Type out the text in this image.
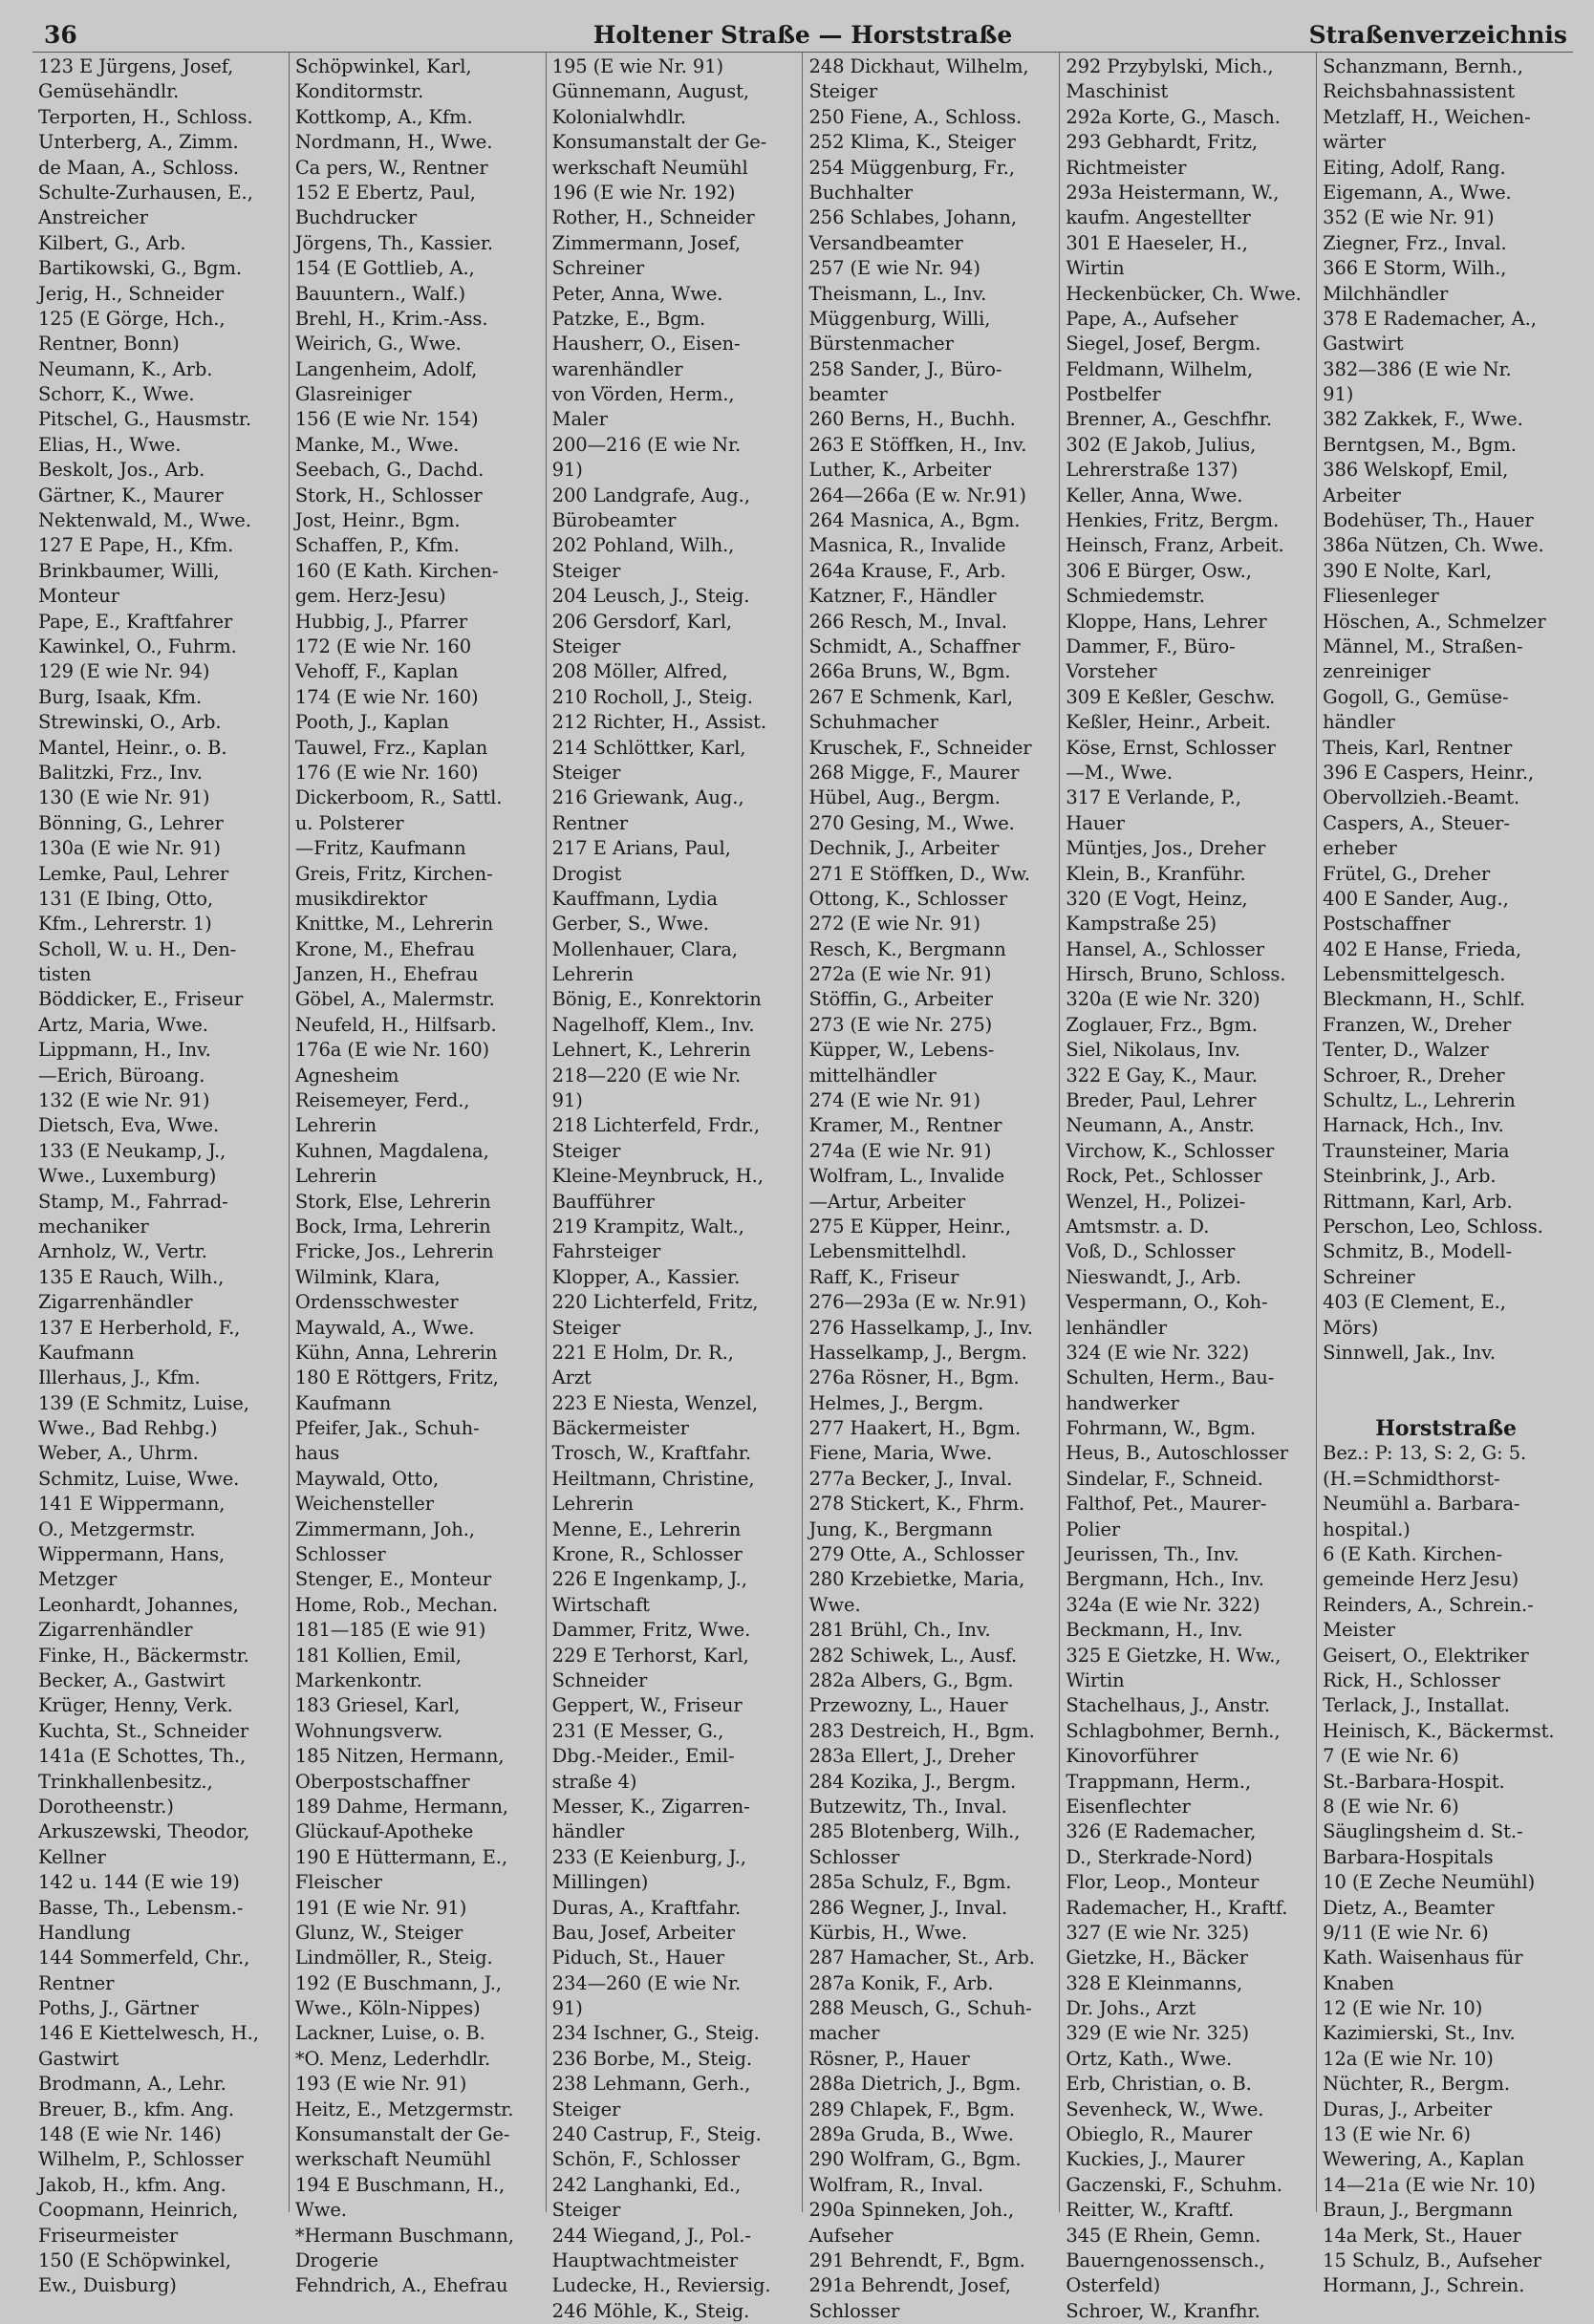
36	Holtener Straße — Horststraße	Straßenverzeichnis
123 E Jürgens, Josef,
Gemüsehändlr.
Terporten, H., Schloss.
Unterberg, A., Zimm.
de Maan, A., Schloss.
Schulte-Zurhausen, E.,
Anstreicher
Kilbert, G., Arb.
Bartikowski, G., Bgm.
Jerig, H., Schneider
125 (E Görge, Hch.,
Rentner, Bonn)
Neumann, K., Arb.
Schorr, K., Wwe.
Pitschel, G., Hausmstr.
Elias, H., Wwe.
Beskolt, Jos., Arb.
Gärtner, K., Maurer
Nektenwald, M., Wwe.
127 E Pape, H., Kfm.
Brinkbaumer, Willi,
Monteur
Pape, E., Kraftfahrer
Kawinkel, O., Fuhrm.
129 (E wie Nr. 94)
Burg, Isaak, Kfm.
Strewinski, O., Arb.
Mantel, Heinr., o. B.
Balitzki, Frz., Inv.
130 (E wie Nr. 91)
Bönning, G., Lehrer
130a (E wie Nr. 91)
Lemke, Paul, Lehrer
131 (E Ibing, Otto,
Kfm., Lehrerstr. 1)
Scholl, W. u. H., Den-
tisten
Böddicker, E., Friseur
Artz, Maria, Wwe.
Lippmann, H., Inv.
—Erich, Büroang.
132 (E wie Nr. 91)
Dietsch, Eva, Wwe.
133 (E Neukamp, J.,
Wwe., Luxemburg)
Stamp, M., Fahrrad-
mechaniker
Arnholz, W., Vertr.
135 E Rauch, Wilh.,
Zigarrenhändler
137 E Herberhold, F.,
Kaufmann
Illerhaus, J., Kfm.
139 (E Schmitz, Luise,
Wwe., Bad Rehbg.)
Weber, A., Uhrm.
Schmitz, Luise, Wwe.
141 E Wippermann,
O., Metzgermstr.
Wippermann, Hans,
Metzger
Leonhardt, Johannes,
Zigarrenhändler
Finke, H., Bäckermstr.
Becker, A., Gastwirt
Krüger, Henny, Verk.
Kuchta, St., Schneider
141a (E Schottes, Th.,
Trinkhallenbesitz.,
Dorotheenstr.)
Arkuszewski, Theodor,
Kellner
142 u. 144 (E wie 19)
Basse, Th., Lebensm.-
Handlung
144 Sommerfeld, Chr.,
Rentner
Poths, J., Gärtner
146 E Kiettelwesch, H.,
Gastwirt
Brodmann, A., Lehr.
Breuer, B., kfm. Ang.
148 (E wie Nr. 146)
Wilhelm, P., Schlosser
Jakob, H., kfm. Ang.
Coopmann, Heinrich,
Friseurmeister
150 (E Schöpwinkel,
Ew., Duisburg)
Schöpwinkel, Karl,
Konditormstr.
Kottkomp, A., Kfm.
Nordmann, H., Wwe.
Ca pers, W., Rentner
152 E Ebertz, Paul,
Buchdrucker
Jörgens, Th., Kassier.
154 (E Gottlieb, A.,
Bauuntern., Walf.)
Brehl, H., Krim.-Ass.
Weirich, G., Wwe.
Langenheim, Adolf,
Glasreiniger
156 (E wie Nr. 154)
Manke, M., Wwe.
Seebach, G., Dachd.
Stork, H., Schlosser
Jost, Heinr., Bgm.
Schaffen, P., Kfm.
160 (E Kath. Kirchen-
gem. Herz-Jesu)
Hubbig, J., Pfarrer
172 (E wie Nr. 160
Vehoff, F., Kaplan
174 (E wie Nr. 160)
Pooth, J., Kaplan
Tauwel, Frz., Kaplan
176 (E wie Nr. 160)
Dickerboom, R., Sattl.
u. Polsterer
—Fritz, Kaufmann
Greis, Fritz, Kirchen-
musikdirektor
Knittke, M., Lehrerin
Krone, M., Ehefrau
Janzen, H., Ehefrau
Göbel, A., Malermstr.
Neufeld, H., Hilfsarb.
176a (E wie Nr. 160)
Agnesheim
Reisemeyer, Ferd.,
Lehrerin
Kuhnen, Magdalena,
Lehrerin
Stork, Else, Lehrerin
Bock, Irma, Lehrerin
Fricke, Jos., Lehrerin
Wilmink, Klara,
Ordensschwester
Maywald, A., Wwe.
Kühn, Anna, Lehrerin
180 E Röttgers, Fritz,
Kaufmann
Pfeifer, Jak., Schuh-
haus
Maywald, Otto,
Weichensteller
Zimmermann, Joh.,
Schlosser
Stenger, E., Monteur
Home, Rob., Mechan.
181—185 (E wie 91)
181 Kollien, Emil,
Markenkontr.
183 Griesel, Karl,
Wohnungsverw.
185 Nitzen, Hermann,
Oberpostschaffner
189 Dahme, Hermann,
Glückauf-Apotheke
190 E Hüttermann, E.,
Fleischer
191 (E wie Nr. 91)
Glunz, W., Steiger
Lindmöller, R., Steig.
192 (E Buschmann, J.,
Wwe., Köln-Nippes)
Lackner, Luise, o. B.
*O. Menz, Lederhdlr.
193 (E wie Nr. 91)
Heitz, E., Metzgermstr.
Konsumanstalt der Ge-
werkschaft Neumühl
194 E Buschmann, H.,
Wwe.
*Hermann Buschmann,
Drogerie
Fehndrich, A., Ehefrau
195 (E wie Nr. 91)
Günnemann, August,
Kolonialwhdlr.
Konsumanstalt der Ge-
werkschaft Neumühl
196 (E wie Nr. 192)
Rother, H., Schneider
Zimmermann, Josef,
Schreiner
Peter, Anna, Wwe.
Patzke, E., Bgm.
Hausherr, O., Eisen-
warenhändler
von Vörden, Herm.,
Maler
200—216 (E wie Nr.
91)
200 Landgrafe, Aug.,
Bürobeamter
202 Pohland, Wilh.,
Steiger
204 Leusch, J., Steig.
206 Gersdorf, Karl,
Steiger
208 Möller, Alfred,
210 Rocholl, J., Steig.
212 Richter, H., Assist.
214 Schlöttker, Karl,
Steiger
216 Griewank, Aug.,
Rentner
217 E Arians, Paul,
Drogist
Kauffmann, Lydia
Gerber, S., Wwe.
Mollenhauer, Clara,
Lehrerin
Bönig, E., Konrektorin
Nagelhoff, Klem., Inv.
Lehnert, K., Lehrerin
218—220 (E wie Nr.
91)
218 Lichterfeld, Frdr.,
Steiger
Kleine-Meynbruck, H.,
Baufführer
219 Krampitz, Walt.,
Fahrsteiger
Klopper, A., Kassier.
220 Lichterfeld, Fritz,
Steiger
221 E Holm, Dr. R.,
Arzt
223 E Niesta, Wenzel,
Bäckermeister
Trosch, W., Kraftfahr.
Heiltmann, Christine,
Lehrerin
Menne, E., Lehrerin
Krone, R., Schlosser
226 E Ingenkamp, J.,
Wirtschaft
Dammer, Fritz, Wwe.
229 E Terhorst, Karl,
Schneider
Geppert, W., Friseur
231 (E Messer, G.,
Dbg.-Meider., Emil-
straße 4)
Messer, K., Zigarren-
händler
233 (E Keienburg, J.,
Millingen)
Duras, A., Kraftfahr.
Bau, Josef, Arbeiter
Piduch, St., Hauer
234—260 (E wie Nr.
91)
234 Ischner, G., Steig.
236 Borbe, M., Steig.
238 Lehmann, Gerh.,
Steiger
240 Castrup, F., Steig.
Schön, F., Schlosser
242 Langhanki, Ed.,
Steiger
244 Wiegand, J., Pol.-
Hauptwachtmeister
Ludecke, H., Reviersig.
246 Möhle, K., Steig.
248 Dickhaut, Wilhelm,
Steiger
250 Fiene, A., Schloss.
252 Klima, K., Steiger
254 Müggenburg, Fr.,
Buchhalter
256 Schlabes, Johann,
Versandbeamter
257 (E wie Nr. 94)
Theismann, L., Inv.
Müggenburg, Willi,
Bürstenmacher
258 Sander, J., Büro-
beamter
260 Berns, H., Buchh.
263 E Stöffken, H., Inv.
Luther, K., Arbeiter
264—266a (E w. Nr.91)
264 Masnica, A., Bgm.
Masnica, R., Invalide
264a Krause, F., Arb.
Katzner, F., Händler
266 Resch, M., Inval.
Schmidt, A., Schaffner
266a Bruns, W., Bgm.
267 E Schmenk, Karl,
Schuhmacher
Kruschek, F., Schneider
268 Migge, F., Maurer
Hübel, Aug., Bergm.
270 Gesing, M., Wwe.
Dechnik, J., Arbeiter
271 E Stöffken, D., Ww.
Ottong, K., Schlosser
272 (E wie Nr. 91)
Resch, K., Bergmann
272a (E wie Nr. 91)
Stöffin, G., Arbeiter
273 (E wie Nr. 275)
Küpper, W., Lebens-
mittelhändler
274 (E wie Nr. 91)
Kramer, M., Rentner
274a (E wie Nr. 91)
Wolfram, L., Invalide
—Artur, Arbeiter
275 E Küpper, Heinr.,
Lebensmittelhdl.
Raff, K., Friseur
276—293a (E w. Nr.91)
276 Hasselkamp, J., Inv.
Hasselkamp, J., Bergm.
276a Rösner, H., Bgm.
Helmes, J., Bergm.
277 Haakert, H., Bgm.
Fiene, Maria, Wwe.
277a Becker, J., Inval.
278 Stickert, K., Fhrm.
Jung, K., Bergmann
279 Otte, A., Schlosser
280 Krzebietke, Maria,
Wwe.
281 Brühl, Ch., Inv.
282 Schiwek, L., Ausf.
282a Albers, G., Bgm.
Przewozny, L., Hauer
283 Destreich, H., Bgm.
283a Ellert, J., Dreher
284 Kozika, J., Bergm.
Butzewitz, Th., Inval.
285 Blotenberg, Wilh.,
Schlosser
285a Schulz, F., Bgm.
286 Wegner, J., Inval.
Kürbis, H., Wwe.
287 Hamacher, St., Arb.
287a Konik, F., Arb.
288 Meusch, G., Schuh-
macher
Rösner, P., Hauer
288a Dietrich, J., Bgm.
289 Chlapek, F., Bgm.
289a Gruda, B., Wwe.
290 Wolfram, G., Bgm.
Wolfram, R., Inval.
290a Spinneken, Joh.,
Aufseher
291 Behrendt, F., Bgm.
291a Behrendt, Josef,
Schlosser
292 Przybylski, Mich.,
Maschinist
292a Korte, G., Masch.
293 Gebhardt, Fritz,
Richtmeister
293a Heistermann, W.,
kaufm. Angestellter
301 E Haeseler, H.,
Wirtin
Heckenbücker, Ch. Wwe.
Pape, A., Aufseher
Siegel, Josef, Bergm.
Feldmann, Wilhelm,
Postbelfer
Brenner, A., Geschfhr.
302 (E Jakob, Julius,
Lehrerstraße 137)
Keller, Anna, Wwe.
Henkies, Fritz, Bergm.
Heinsch, Franz, Arbeit.
306 E Bürger, Osw.,
Schmiedemstr.
Kloppe, Hans, Lehrer
Dammer, F., Büro-
Vorsteher
309 E Keßler, Geschw.
Keßler, Heinr., Arbeit.
Köse, Ernst, Schlosser
—M., Wwe.
317 E Verlande, P.,
Hauer
Müntjes, Jos., Dreher
Klein, B., Kranführ.
320 (E Vogt, Heinz,
Kampstraße 25)
Hansel, A., Schlosser
Hirsch, Bruno, Schloss.
320a (E wie Nr. 320)
Zoglauer, Frz., Bgm.
Siel, Nikolaus, Inv.
322 E Gay, K., Maur.
Breder, Paul, Lehrer
Neumann, A., Anstr.
Virchow, K., Schlosser
Rock, Pet., Schlosser
Wenzel, H., Polizei-
Amtsmstr. a. D.
Voß, D., Schlosser
Nieswandt, J., Arb.
Vespermann, O., Koh-
lenhändler
324 (E wie Nr. 322)
Schulten, Herm., Bau-
handwerker
Fohrmann, W., Bgm.
Heus, B., Autoschlosser
Sindelar, F., Schneid.
Falthof, Pet., Maurer-
Polier
Jeurissen, Th., Inv.
Bergmann, Hch., Inv.
324a (E wie Nr. 322)
Beckmann, H., Inv.
325 E Gietzke, H. Ww.,
Wirtin
Stachelhaus, J., Anstr.
Schlagbohmer, Bernh.,
Kinovorführer
Trappmann, Herm.,
Eisenflechter
326 (E Rademacher,
D., Sterkrade-Nord)
Flor, Leop., Monteur
Rademacher, H., Kraftf.
327 (E wie Nr. 325)
Gietzke, H., Bäcker
328 E Kleinmanns,
Dr. Johs., Arzt
329 (E wie Nr. 325)
Ortz, Kath., Wwe.
Erb, Christian, o. B.
Sevenheck, W., Wwe.
Obieglo, R., Maurer
Kuckies, J., Maurer
Gaczenski, F., Schuhm.
Reitter, W., Kraftf.
345 (E Rhein, Gemn.
Bauerngenossensch.,
Osterfeld)
Schroer, W., Kranfhr.
Schanzmann, Bernh.,
Reichsbahnassistent
Metzlaff, H., Weichen-
wärter
Eiting, Adolf, Rang.
Eigemann, A., Wwe.
352 (E wie Nr. 91)
Ziegner, Frz., Inval.
366 E Storm, Wilh.,
Milchhändler
378 E Rademacher, A.,
Gastwirt
382—386 (E wie Nr.
91)
382 Zakkek, F., Wwe.
Berntgsen, M., Bgm.
386 Welskopf, Emil,
Arbeiter
Bodehüser, Th., Hauer
386a Nützen, Ch. Wwe.
390 E Nolte, Karl,
Fliesenleger
Höschen, A., Schmelzer
Männel, M., Straßen-
zenreiniger
Gogoll, G., Gemüse-
händler
Theis, Karl, Rentner
396 E Caspers, Heinr.,
Obervollzieh.-Beamt.
Caspers, A., Steuer-
erheber
Frütel, G., Dreher
400 E Sander, Aug.,
Postschaffner
402 E Hanse, Frieda,
Lebensmittelgesch.
Bleckmann, H., Schlf.
Franzen, W., Dreher
Tenter, D., Walzer
Schroer, R., Dreher
Schultz, L., Lehrerin
Harnack, Hch., Inv.
Traunsteiner, Maria
Steinbrink, J., Arb.
Rittmann, Karl, Arb.
Perschon, Leo, Schloss.
Schmitz, B., Modell-
Schreiner
403 (E Clement, E.,
Mörs)
Sinnwell, Jak., Inv.
Horststraße
Bez.: P: 13, S: 2, G: 5.
(H.=Schmidthorst-
Neumühl a. Barbara-
hospital.)
6 (E Kath. Kirchen-
gemeinde Herz Jesu)
Reinders, A., Schrein.-
Meister
Geisert, O., Elektriker
Rick, H., Schlosser
Terlack, J., Installat.
Heinisch, K., Bäckermst.
7 (E wie Nr. 6)
St.-Barbara-Hospit.
8 (E wie Nr. 6)
Säuglingsheim d. St.-
Barbara-Hospitals
10 (E Zeche Neumühl)
Dietz, A., Beamter
9/11 (E wie Nr. 6)
Kath. Waisenhaus für
Knaben
12 (E wie Nr. 10)
Kazimierski, St., Inv.
12a (E wie Nr. 10)
Nüchter, R., Bergm.
Duras, J., Arbeiter
13 (E wie Nr. 6)
Wewering, A., Kaplan
14—21a (E wie Nr. 10)
Braun, J., Bergmann
14a Merk, St., Hauer
15 Schulz, B., Aufseher
Hormann, J., Schrein.
